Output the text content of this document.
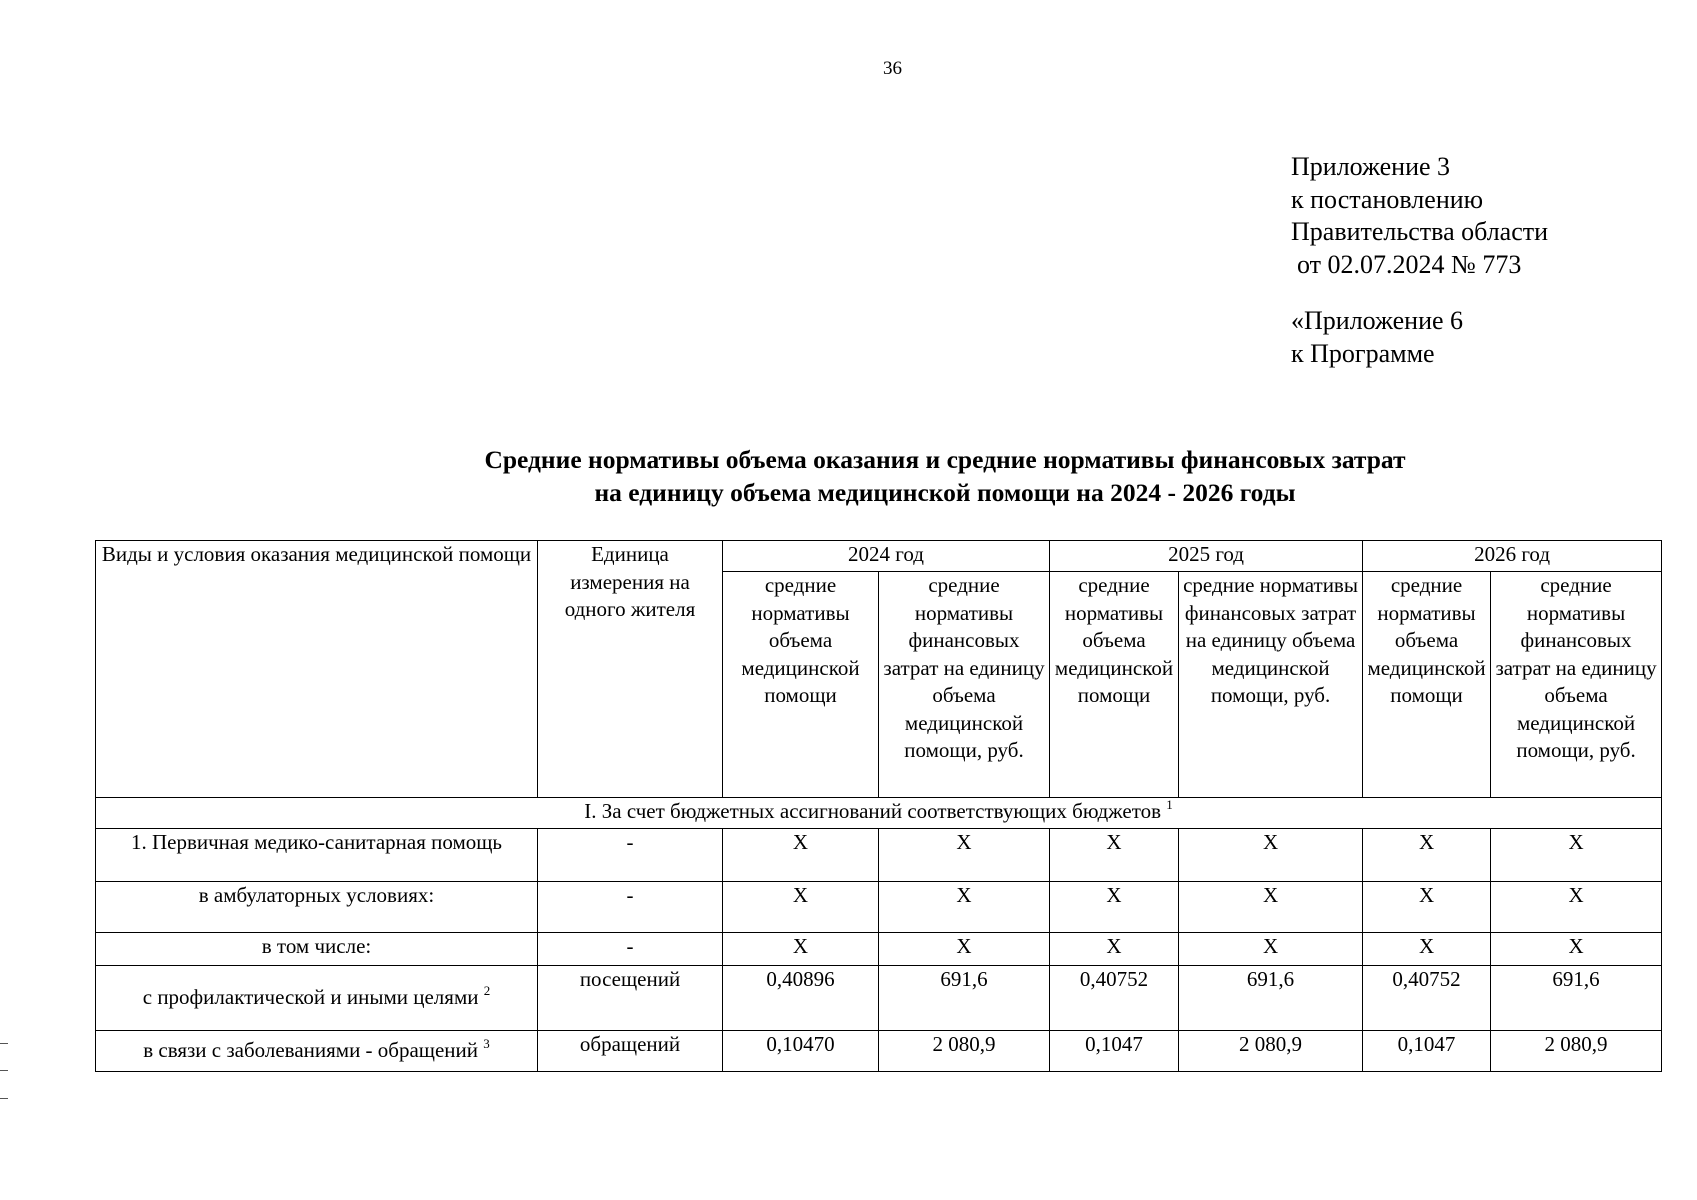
36
Приложение 3
к постановлению
Правительства области
от 02.07.2024 № 773
«Приложение 6
к Программе
Средние нормативы объема оказания и средние нормативы финансовых затрат
на единицу объема медицинской помощи на 2024 - 2026 годы
Виды и условия оказания медицинской помощи	Единица измерения на одного жителя	2024 год		2025 год		2026 год	
		средние нормативы объема медицинской помощи	средние нормативы финансовых затрат на единицу объема медицинской помощи, руб.	средние нормативы объема медицинской помощи	средние нормативы финансовых затрат на единицу объема медицинской помощи, руб.	средние нормативы объема медицинской помощи	средние нормативы финансовых затрат на единицу объема медицинской помощи, руб.
I. За счет бюджетных ассигнований соответствующих бюджетов $^1$
1. Первичная медико-санитарная помощь	-	X	X	X	X	X	X
в амбулаторных условиях:	-	X	X	X	X	X	X
в том числе:	-	X	X	X	X	X	X
с профилактической и иными целями $^2$	посещений	0,40896	691,6	0,40752	691,6	0,40752	691,6
в связи с заболеваниями - обращений $^3$	обращений	0,10470	2 080,9	0,1047	2 080,9	0,1047	2 080,9
